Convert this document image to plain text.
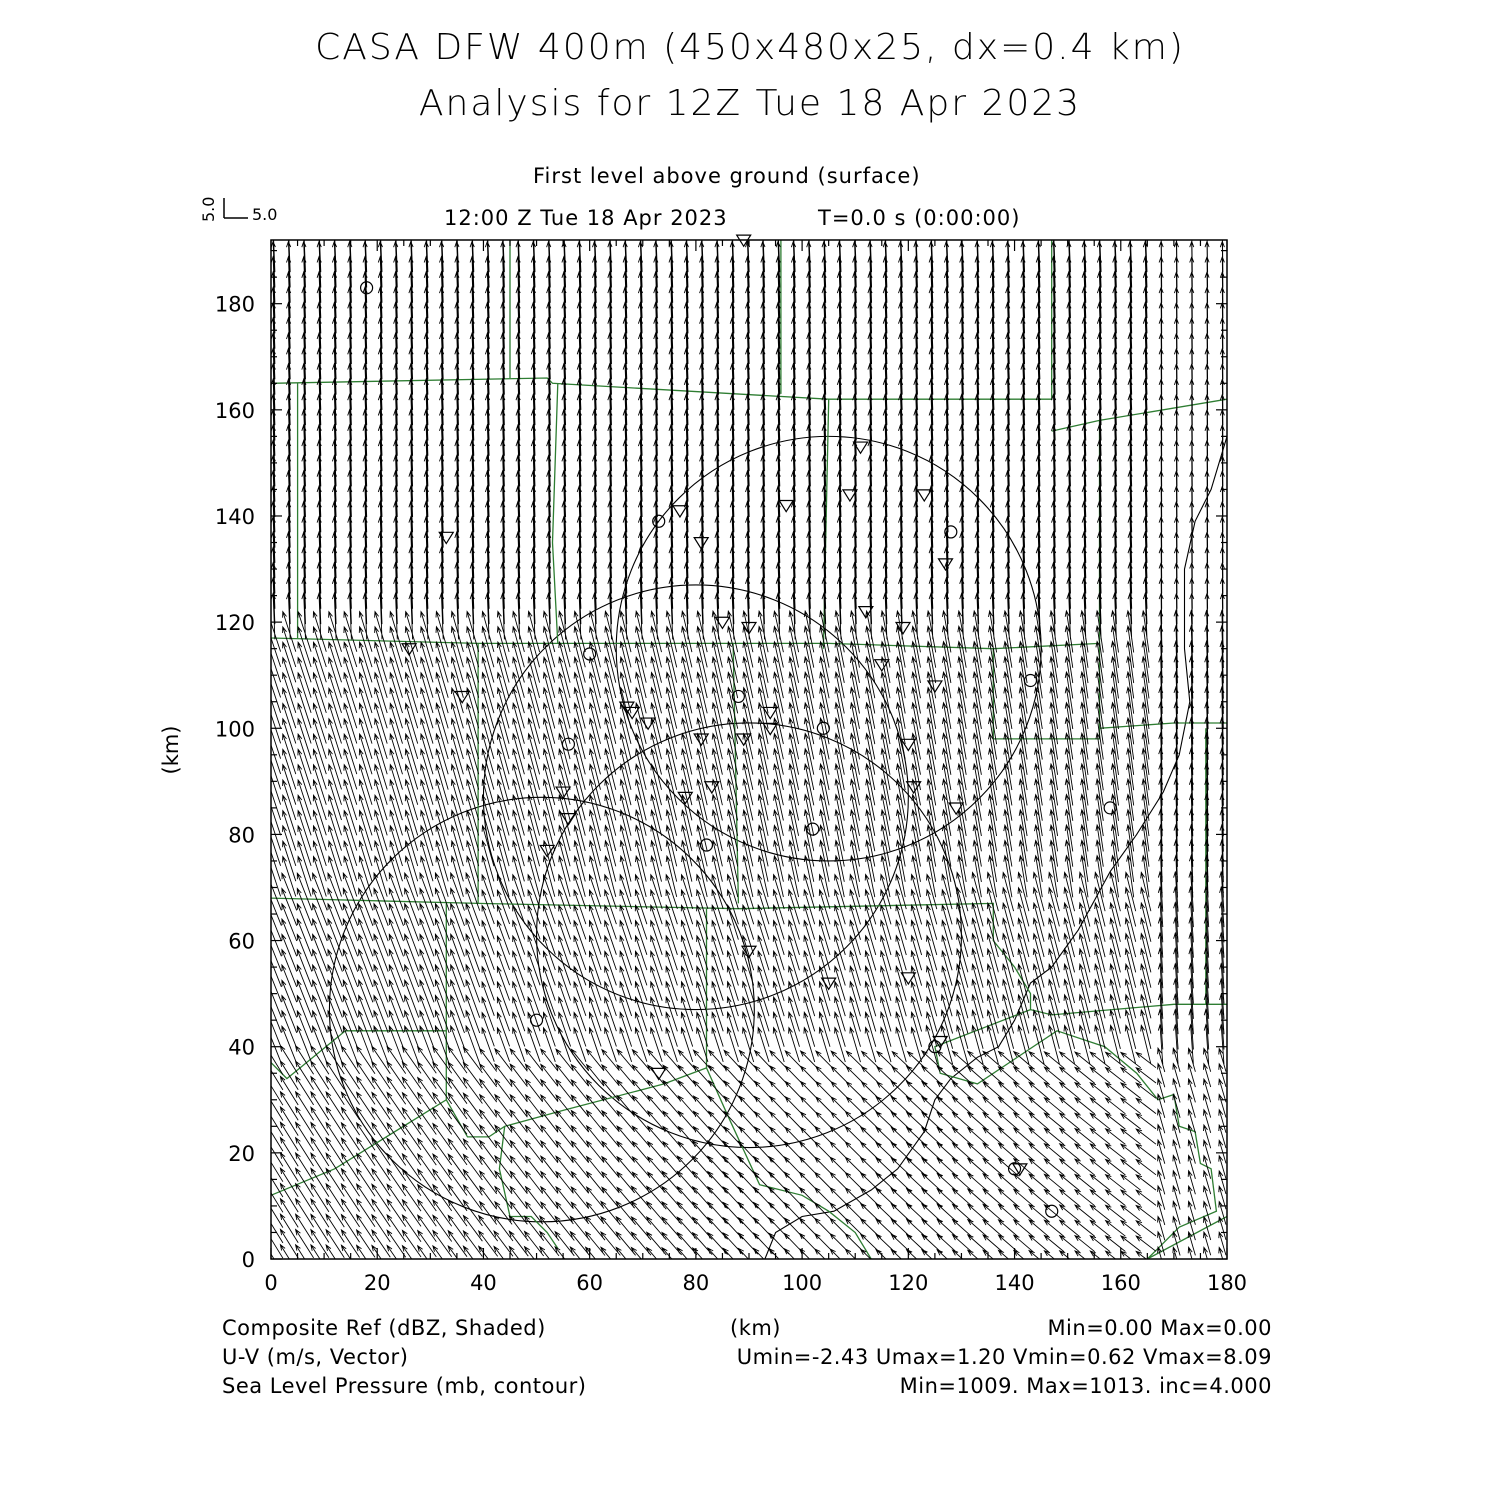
CASA DFW 400m (450x480x25, dx=0.4 km)
Analysis for 12Z Tue 18 Apr 2023
First level above ground (surface)
12:00 Z Tue 18 Apr 2023	T=0.0 s (0:00:00)
0	20	40	60	80	100	120	140	160	180
0
20
40
60
80
100
120
140
160
180
5.0 5.0
(km)
Composite Ref (dBZ, Shaded)	(km)	Min=0.00 Max=0.00
U-V (m/s, Vector)	Umin=-2.43 Umax=1.20 Vmin=0.62 Vmax=8.09
Sea Level Pressure (mb, contour)	Min=1009. Max=1013. inc=4.000
